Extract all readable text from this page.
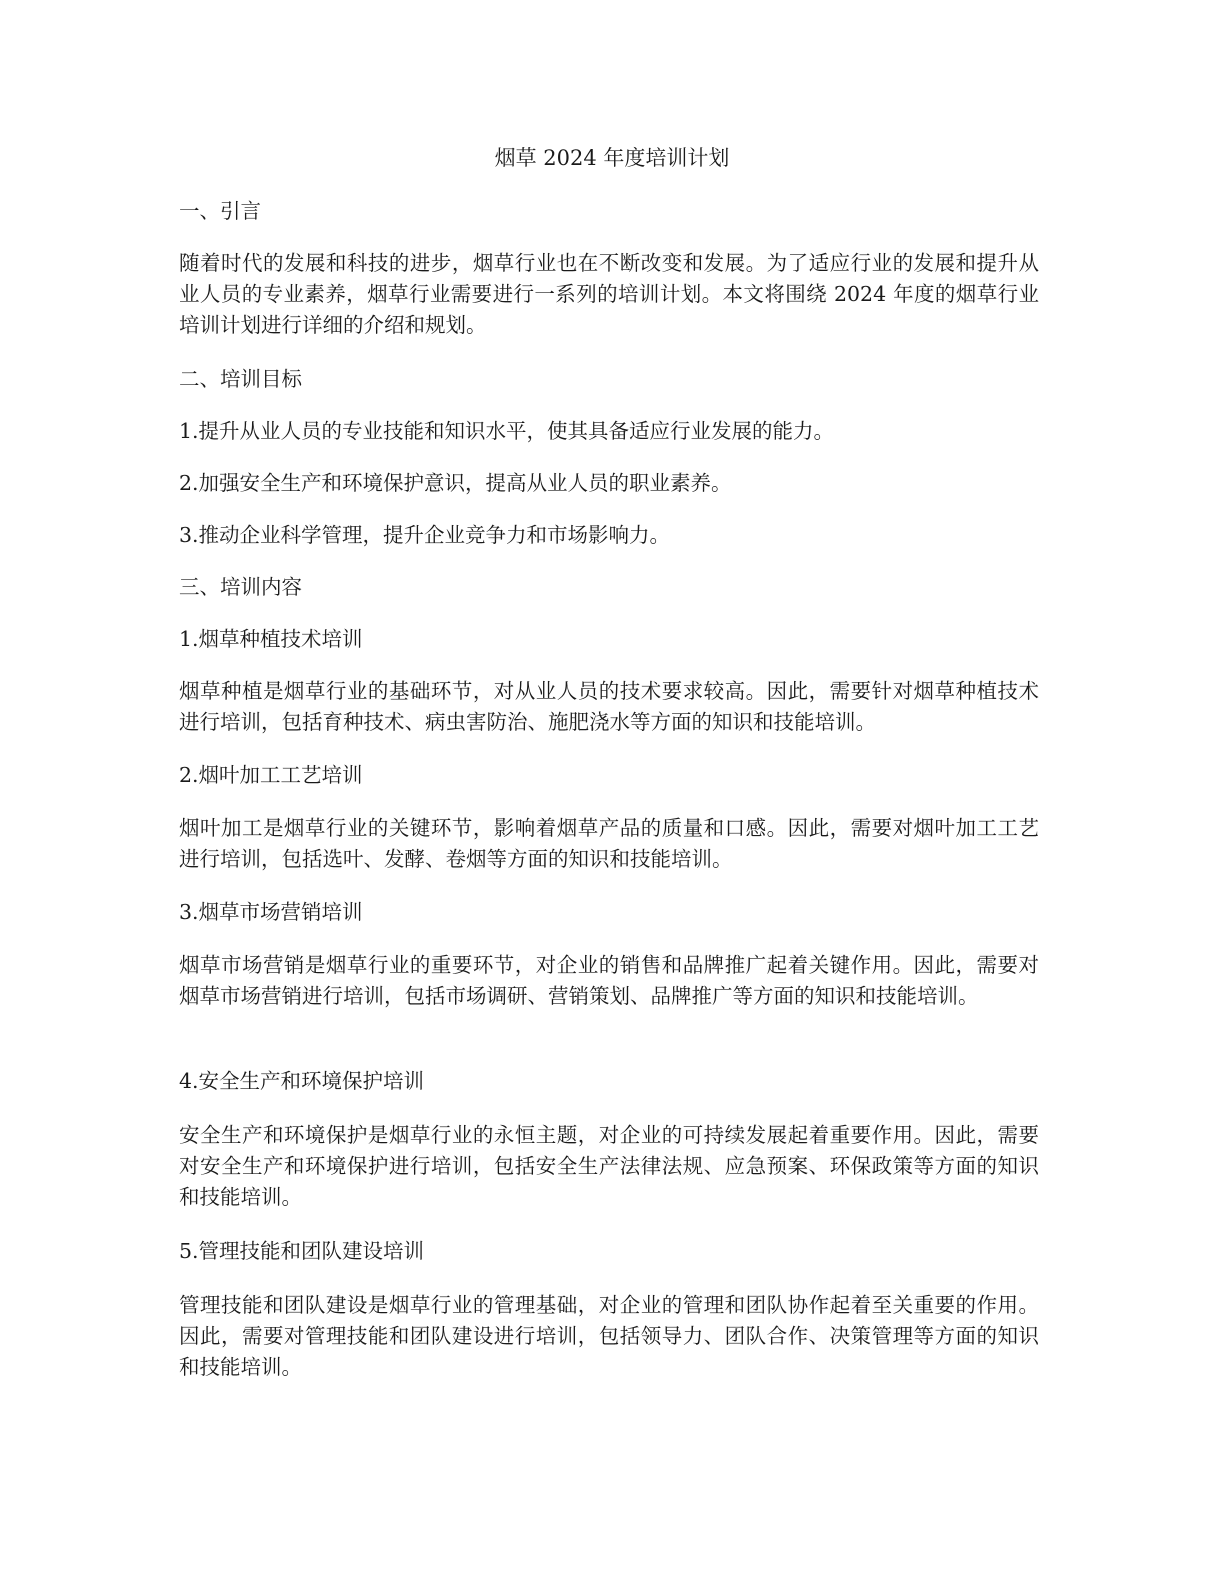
烟草 2024 年度培训计划

一、引言

随着时代的发展和科技的进步，烟草行业也在不断改变和发展。为了适应行业的发展和提升从业人员的专业素养，烟草行业需要进行一系列的培训计划。本文将围绕 2024 年度的烟草行业培训计划进行详细的介绍和规划。

二、培训目标

1.提升从业人员的专业技能和知识水平，使其具备适应行业发展的能力。

2.加强安全生产和环境保护意识，提高从业人员的职业素养。

3.推动企业科学管理，提升企业竞争力和市场影响力。

三、培训内容

1.烟草种植技术培训

烟草种植是烟草行业的基础环节，对从业人员的技术要求较高。因此，需要针对烟草种植技术进行培训，包括育种技术、病虫害防治、施肥浇水等方面的知识和技能培训。

2.烟叶加工工艺培训

烟叶加工是烟草行业的关键环节，影响着烟草产品的质量和口感。因此，需要对烟叶加工工艺进行培训，包括选叶、发酵、卷烟等方面的知识和技能培训。

3.烟草市场营销培训

烟草市场营销是烟草行业的重要环节，对企业的销售和品牌推广起着关键作用。因此，需要对烟草市场营销进行培训，包括市场调研、营销策划、品牌推广等方面的知识和技能培训。

4.安全生产和环境保护培训

安全生产和环境保护是烟草行业的永恒主题，对企业的可持续发展起着重要作用。因此，需要对安全生产和环境保护进行培训，包括安全生产法律法规、应急预案、环保政策等方面的知识和技能培训。

5.管理技能和团队建设培训

管理技能和团队建设是烟草行业的管理基础，对企业的管理和团队协作起着至关重要的作用。因此，需要对管理技能和团队建设进行培训，包括领导力、团队合作、决策管理等方面的知识和技能培训。
